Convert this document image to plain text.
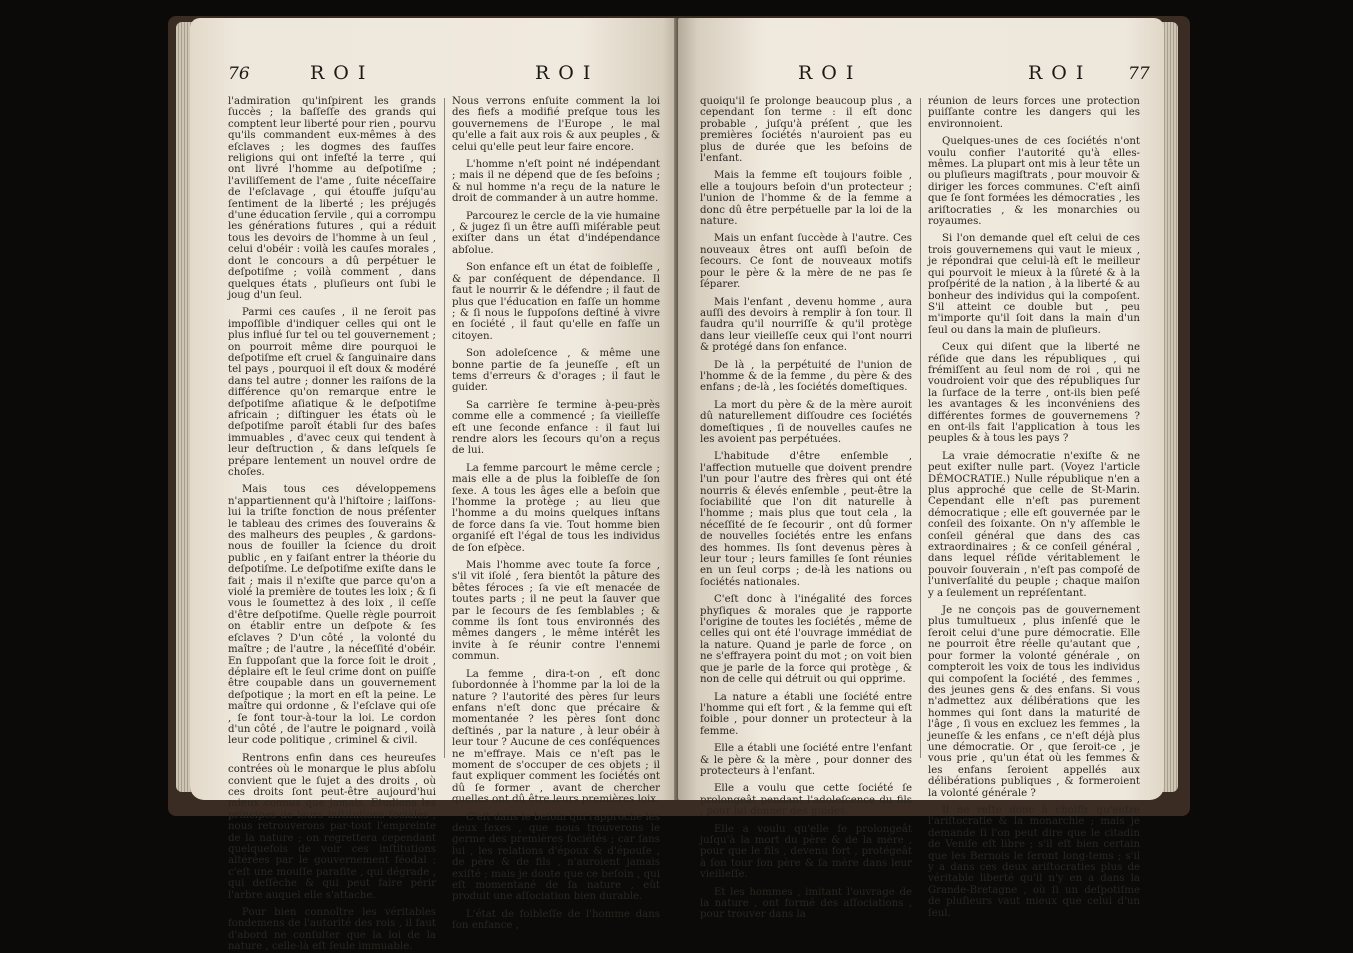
76	ROI	ROI

l'admiration qu'inſpirent les grands ſuccès ; la baſſeſſe des grands qui comptent leur liberté pour rien , pourvu qu'ils commandent eux-mêmes à des eſclaves ; les dogmes des fauſſes religions qui ont infeſté la terre , qui ont livré l'homme au deſpotiſme ; l'aviliſſement de l'ame , ſuite néceſſaire de l'eſclavage , qui étouffe juſqu'au ſentiment de la liberté ; les préjugés d'une éducation ſervile , qui a corrompu les générations futures , qui a réduit tous les devoirs de l'homme à un ſeul , celui d'obéir : voilà les cauſes morales , dont le concours a dû perpétuer le deſpotiſme ; voilà comment , dans quelques états , pluſieurs ont ſubi le joug d'un ſeul.

Parmi ces cauſes , il ne ſeroit pas impoſſible d'indiquer celles qui ont le plus influé ſur tel ou tel gouvernement ; on pourroit même dire pourquoi le deſpotiſme eſt cruel & ſanguinaire dans tel pays , pourquoi il eſt doux & modéré dans tel autre ; donner les raiſons de la différence qu'on remarque entre le deſpotiſme aſiatique & le deſpotiſme africain ; diſtinguer les états où le deſpotiſme paroît établi ſur des baſes immuables , d'avec ceux qui tendent à leur deſtruction , & dans leſquels ſe prépare lentement un nouvel ordre de choſes.

Mais tous ces développemens n'appartiennent qu'à l'hiſtoire ; laiſſons-lui la triſte fonction de nous préſenter le tableau des crimes des ſouverains & des malheurs des peuples , & gardons-nous de fouiller la ſcience du droit public , en y faiſant entrer la théorie du deſpotiſme. Le deſpotiſme exiſte dans le fait ; mais il n'exiſte que parce qu'on a violé la première de toutes les loix ; & ſi vous le ſoumettez à des loix , il ceſſe d'être deſpotiſme. Quelle règle pourroit on établir entre un deſpote & ſes eſclaves ? D'un côté , la volonté du maître ; de l'autre , la néceſſité d'obéir. En ſuppoſant que la force ſoit le droit , déplaire eſt le ſeul crime dont on puiſſe être coupable dans un gouvernement deſpotique ; la mort en eſt la peine. Le maître qui ordonne , & l'eſclave qui oſe , ſe font tour-à-tour la loi. Le cordon d'un côté , de l'autre le poignard , voilà leur code politique , criminel & civil.

Rentrons enfin dans ces heureuſes contrées où le monarque le plus abſolu convient que le ſujet a des droits , où ces droits ſont peut-être aujourd'hui mieux connus que jamais. Etudions les principes de leurs inſtitutions ſociales , nous retrouverons par-tout l'empreinte de la nature ; on regrettera cependant quelquefois de voir ces inſtitutions altérées par le gouvernement féodal ; c'eſt une mouſſe paraſite , qui dégrade , qui deſſèche & qui peut faire périr l'arbre auquel elle s'attache.

Pour bien connoître les véritables fondemens de l'autorité des rois , il faut d'abord ne conſulter que la loi de la nature , celle-là eſt ſeule immuable.

Nous verrons enſuite comment la loi des fiefs a modifié preſque tous les gouvernemens de l'Europe , le mal qu'elle a fait aux rois & aux peuples , & celui qu'elle peut leur faire encore.

L'homme n'eſt point né indépendant ; mais il ne dépend que de ſes beſoins ; & nul homme n'a reçu de la nature le droit de commander à un autre homme.

Parcourez le cercle de la vie humaine , & jugez ſi un être auſſi miſérable peut exiſter dans un état d'indépendance abſolue.

Son enfance eſt un état de foibleſſe , & par conſéquent de dépendance. Il faut le nourrir & le défendre ; il faut de plus que l'éducation en faſſe un homme ; & ſi nous le ſuppoſons deſtiné à vivre en ſociété , il faut qu'elle en faſſe un citoyen.

Son adoleſcence , & même une bonne partie de ſa jeuneſſe , eſt un tems d'erreurs & d'orages ; il faut le guider.

Sa carrière ſe termine à-peu-près comme elle a commencé ; ſa vieilleſſe eſt une ſeconde enfance : il faut lui rendre alors les ſecours qu'on a reçus de lui.

La femme parcourt le même cercle ; mais elle a de plus la foibleſſe de ſon ſexe. A tous les âges elle a beſoin que l'homme la protège ; au lieu que l'homme a du moins quelques inſtans de force dans ſa vie. Tout homme bien organiſé eſt l'égal de tous les individus de ſon eſpèce.

Mais l'homme avec toute ſa force , s'il vit iſolé , ſera bientôt la pâture des bêtes féroces ; ſa vie eſt menacée de toutes parts ; il ne peut la ſauver que par le ſecours de ſes ſemblables ; & comme ils ſont tous environnés des mêmes dangers , le même intérêt les invite à ſe réunir contre l'ennemi commun.

La femme , dira-t-on , eſt donc ſubordonnée à l'homme par la loi de la nature ? l'autorité des pères ſur leurs enfans n'eſt donc que précaire & momentanée ? les pères ſont donc deſtinés , par la nature , à leur obéir à leur tour ? Aucune de ces conſéquences ne m'effraye. Mais ce n'eſt pas le moment de s'occuper de ces objets ; il faut expliquer comment les ſociétés ont dû ſe former , avant de chercher quelles ont dû être leurs premières loix.

C'eſt dans le beſoin qui rapproche les deux ſexes , que nous trouverons le germe des premières ſociétés ; car ſans lui , les relations d'époux & d'épouſe , de père & de fils , n'auroient jamais exiſté ; mais je doute que ce beſoin , qui eſt momentané de ſa nature , eût produit une aſſociation bien durable.

L'état de foibleſſe de l'homme dans ſon enfance ,

ROI	ROI 77

quoiqu'il ſe prolonge beaucoup plus , a cependant ſon terme : il eſt donc probable , juſqu'à préſent , que les premières ſociétés n'auroient pas eu plus de durée que les beſoins de l'enfant.

Mais la femme eſt toujours foible , elle a toujours beſoin d'un protecteur ; l'union de l'homme & de la femme a donc dû être perpétuelle par la loi de la nature.

Mais un enfant ſuccède à l'autre. Ces nouveaux êtres ont auſſi beſoin de ſecours. Ce ſont de nouveaux motifs pour le père & la mère de ne pas ſe ſéparer.

Mais l'enfant , devenu homme , aura auſſi des devoirs à remplir à ſon tour. Il faudra qu'il nourriſſe & qu'il protège dans leur vieilleſſe ceux qui l'ont nourri & protégé dans ſon enfance.

De là , la perpétuité de l'union de l'homme & de la femme , du père & des enfans ; de-là , les ſociétés domeſtiques.

La mort du père & de la mère auroit dû naturellement diſſoudre ces ſociétés domeſtiques , ſi de nouvelles cauſes ne les avoient pas perpétuées.

L'habitude d'être enſemble , l'affection mutuelle que doivent prendre l'un pour l'autre des frères qui ont été nourris & élevés enſemble , peut-être la ſociabilité que l'on dit naturelle à l'homme ; mais plus que tout cela , la néceſſité de ſe ſecourir , ont dû former de nouvelles ſociétés entre les enfans des hommes. Ils ſont devenus pères à leur tour ; leurs familles ſe ſont réunies en un ſeul corps ; de-là les nations ou ſociétés nationales.

C'eſt donc à l'inégalité des forces phyſiques & morales que je rapporte l'origine de toutes les ſociétés , même de celles qui ont été l'ouvrage immédiat de la nature. Quand je parle de force , on ne s'effrayera point du mot ; on voit bien que je parle de la force qui protège , & non de celle qui détruit ou qui opprime.

La nature a établi une ſociété entre l'homme qui eſt fort , & la femme qui eſt foible , pour donner un protecteur à la femme.

Elle a établi une ſociété entre l'enfant & le père & la mère , pour donner des protecteurs à l'enfant.

Elle a voulu que cette ſociété ſe prolongeât pendant l'adoleſcence du fils , pour lui donner des guides.

Elle a voulu qu'elle ſe prolongeât juſqu'à la mort du père & de la mère , pour que le fils , devenu fort , protégeât à ſon tour ſon père & ſa mère dans leur vieilleſſe.

Et les hommes , imitant l'ouvrage de la nature , ont formé des aſſociations , pour trouver dans la

réunion de leurs forces une protection puiſſante contre les dangers qui les environnoient.

Quelques-unes de ces ſociétés n'ont voulu confier l'autorité qu'à elles-mêmes. La plupart ont mis à leur tête un ou pluſieurs magiſtrats , pour mouvoir & diriger les forces communes. C'eſt ainſi que ſe ſont formées les démocraties , les ariſtocraties , & les monarchies ou royaumes.

Si l'on demande quel eſt celui de ces trois gouvernemens qui vaut le mieux , je répondrai que celui-là eſt le meilleur qui pourvoit le mieux à la ſûreté & à la proſpérité de la nation , à la liberté & au bonheur des individus qui la compoſent. S'il atteint ce double but , peu m'importe qu'il ſoit dans la main d'un ſeul ou dans la main de pluſieurs.

Ceux qui diſent que la liberté ne réſide que dans les républiques , qui frémiſſent au ſeul nom de roi , qui ne voudroient voir que des républiques ſur la ſurface de la terre , ont-ils bien peſé les avantages & les inconvéniens des différentes formes de gouvernemens ? en ont-ils fait l'application à tous les peuples & à tous les pays ?

La vraie démocratie n'exiſte & ne peut exiſter nulle part. (Voyez l'article DÉMOCRATIE.) Nulle république n'en a plus approché que celle de St-Marin. Cependant elle n'eſt pas purement démocratique ; elle eſt gouvernée par le conſeil des ſoixante. On n'y aſſemble le conſeil général que dans des cas extraordinaires ; & ce conſeil général , dans lequel réſide véritablement le pouvoir ſouverain , n'eſt pas compoſé de l'univerſalité du peuple ; chaque maiſon y a ſeulement un repréſentant.

Je ne conçois pas de gouvernement plus tumultueux , plus inſenſé que le ſeroit celui d'une pure démocratie. Elle ne pourroit être réelle qu'autant que , pour former la volonté générale , on compteroit les voix de tous les individus qui compoſent la ſociété , des femmes , des jeunes gens & des enfans. Si vous n'admettez aux délibérations que les hommes qui ſont dans la maturité de l'âge , ſi vous en excluez les femmes , la jeuneſſe & les enfans , ce n'eſt déjà plus une démocratie. Or , que ſeroit-ce , je vous prie , qu'un état où les femmes & les enfans ſeroient appellés aux délibérations publiques , & formeroient la volonté générale ?

Il ne reſte donc à choiſir qu'entre l'ariſtocratie & la monarchie ; mais je demande ſi l'on peut dire que le citadin de Veniſe eſt libre ; s'il eſt bien certain que les Bernois le ſeront long-tems ; s'il y a dans ces deux ariſtocraties plus de véritable liberté qu'il n'y en a dans la Grande-Bretagne , où ſi un deſpotiſme de pluſieurs vaut mieux que celui d'un ſeul.
